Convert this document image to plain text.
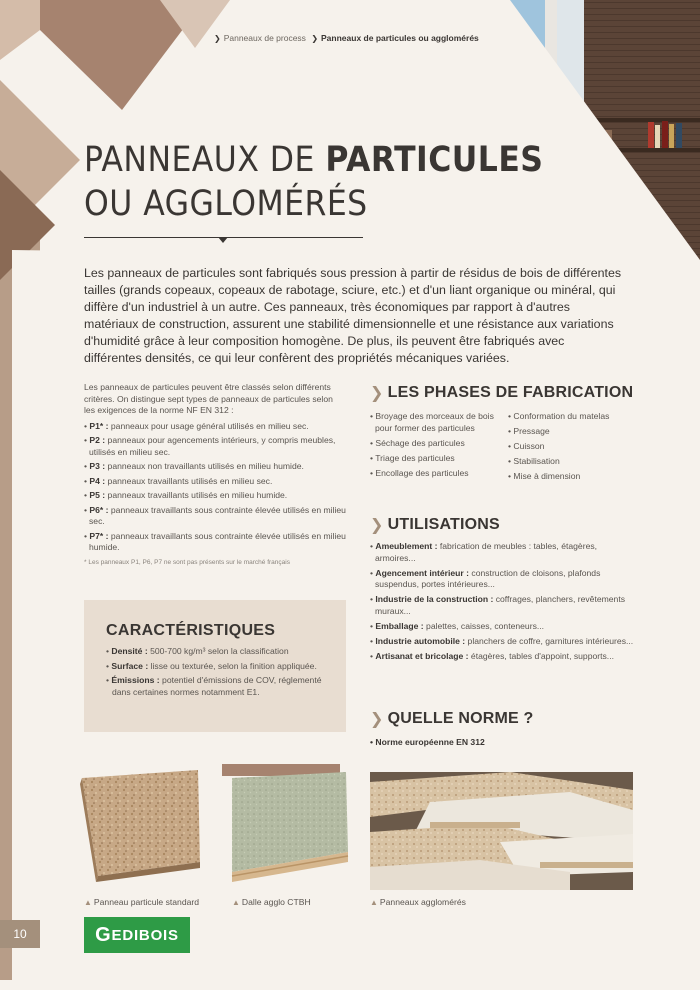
❯ Panneaux de process ❯ Panneaux de particules ou agglomérés
PANNEAUX DE PARTICULES
OU AGGLOMÉRÉS

Les panneaux de particules sont fabriqués sous pression à partir de résidus de bois de différentes tailles (grands copeaux, copeaux de rabotage, sciure, etc.) et d'un liant organique ou minéral, qui diffère d'un industriel à un autre. Ces panneaux, très économiques par rapport à d'autres matériaux de construction, assurent une stabilité dimensionnelle et une résistance aux variations d'humidité grâce à leur composition homogène. De plus, ils peuvent être fabriqués avec différentes densités, ce qui leur confèrent des propriétés mécaniques variées.

Les panneaux de particules peuvent être classés selon différents critères. On distingue sept types de panneaux de particules selon les exigences de la norme NF EN 312 :

• P1* : panneaux pour usage général utilisés en milieu sec.
• P2 : panneaux pour agencements intérieurs, y compris meubles, utilisés en milieu sec.
• P3 : panneaux non travaillants utilisés en milieu humide.
• P4 : panneaux travaillants utilisés en milieu sec.
• P5 : panneaux travaillants utilisés en milieu humide.
• P6* : panneaux travaillants sous contrainte élevée utilisés en milieu sec.
• P7* : panneaux travaillants sous contrainte élevée utilisés en milieu humide.

* Les panneaux P1, P6, P7 ne sont pas présents sur le marché français

CARACTÉRISTIQUES
• Densité : 500-700 kg/m³ selon la classification
• Surface : lisse ou texturée, selon la finition appliquée.
• Émissions : potentiel d'émissions de COV, réglementé dans certaines normes notamment E1.
❯ LES PHASES DE FABRICATION
• Broyage des morceaux de bois pour former des particules
• Séchage des particules
• Triage des particules
• Encollage des particules
• Conformation du matelas
• Pressage
• Cuisson
• Stabilisation
• Mise à dimension
❯ UTILISATIONS
• Ameublement : fabrication de meubles : tables, étagères, armoires...
• Agencement intérieur : construction de cloisons, plafonds suspendus, portes intérieures...
• Industrie de la construction : coffrages, planchers, revêtements muraux...
• Emballage : palettes, caisses, conteneurs...
• Industrie automobile : planchers de coffre, garnitures intérieures...
• Artisanat et bricolage : étagères, tables d'appoint, supports...
❯ QUELLE NORME ?
• Norme européenne EN 312
▲ Panneau particule standard	▲ Dalle agglo CTBH	▲ Panneaux agglomérés
10	G EDIBOIS
